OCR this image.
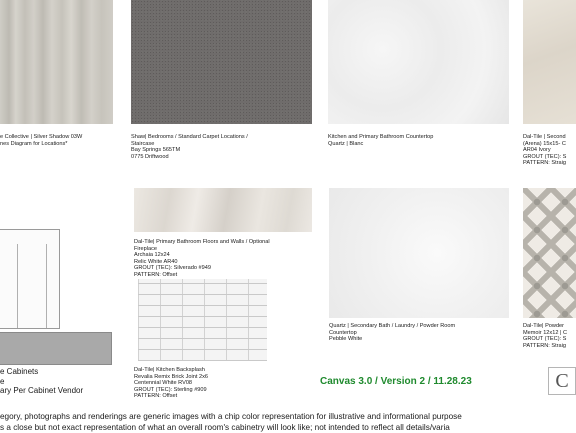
e Collective | Silver Shadow 03W
nes Diagram for Locations*
Shaw| Bedrooms / Standard Carpet Locations /
Staircase
Bay Springs 565TM
0775 Driftwood
Kitchen and Primary Bathroom Countertop
Quartz | Blanc
Dal-Tile | Second
(Arena) 15x15- C
AR04 Ivory
GROUT (TEC): S
PATTERN: Straig
e Cabinets
e
ary Per Cabinet Vendor
Dal-Tile| Primary Bathroom Floors and Walls / Optional
Fireplace
Archaia 12x24
Relic White AR40
GROUT (TEC): Silverado #949
PATTERN: Offset
Dal-Tile| Kitchen Backsplash
Revalia Remix Brick Joint 2x6
Centennial White RV08
GROUT (TEC): Sterling #909
PATTERN: Offset
Quartz | Secondary Bath / Laundry / Powder Room
Countertop
Pebble White
Dal-Tile| Powder
Memoir 12x12 | C
GROUT (TEC): S
PATTERN: Straig
Canvas 3.0 / Version 2 / 11.28.23	C
egory, photographs and renderings are generic images with a chip color representation for illustrative and informational purpose
s a close but not exact representation of what an overall room's cabinetry will look like; not intended to reflect all details/varia
